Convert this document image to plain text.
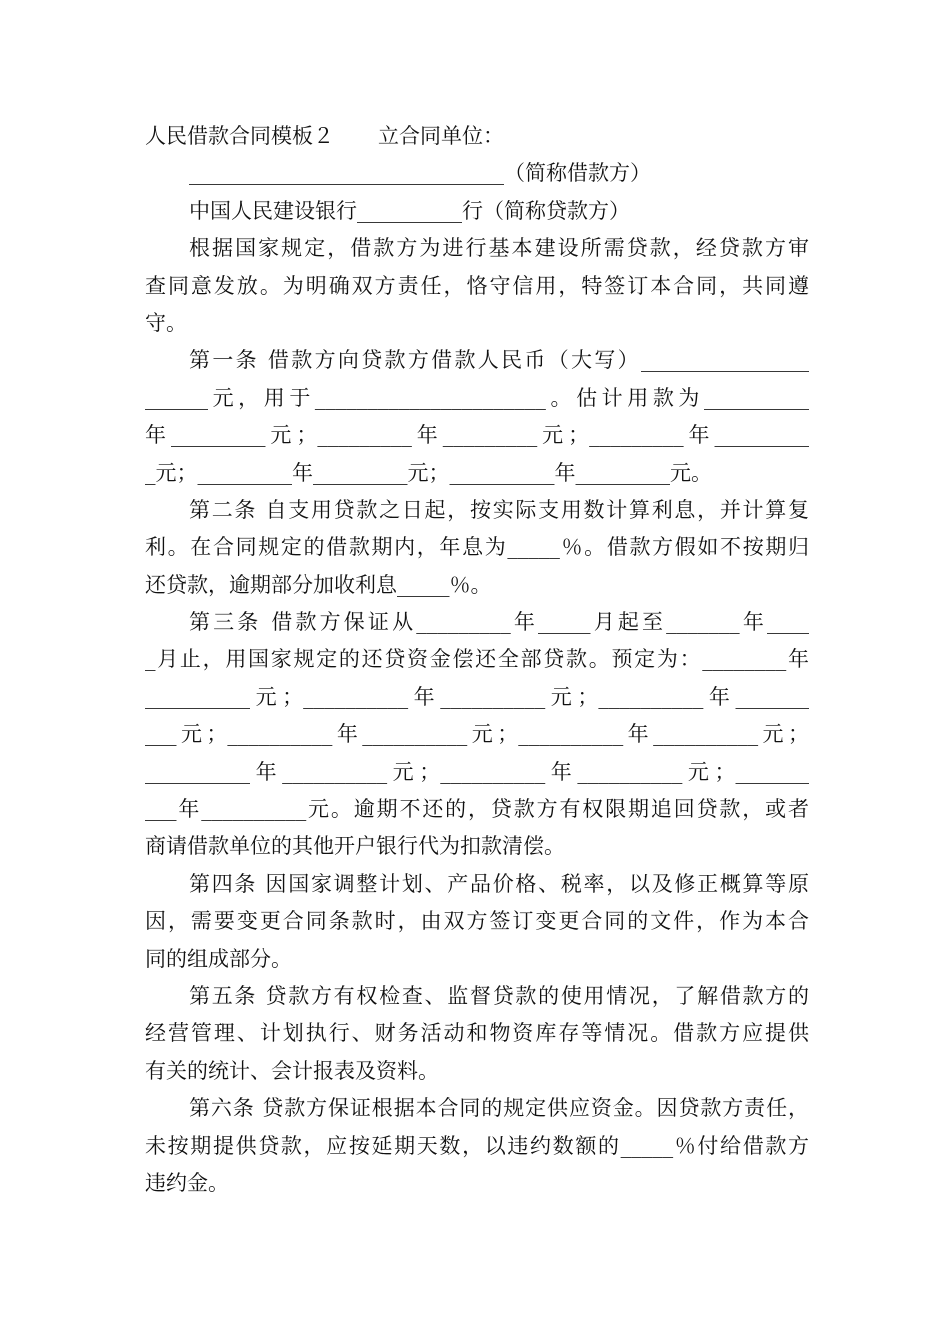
人民借款合同模板２ 立合同单位：
______________________________（简称借款方）
中国人民建设银行__________行（简称贷款方）
根据国家规定，借款方为进行基本建设所需贷款，经贷款方审
查同意发放。为明确双方责任，恪守信用，特签订本合同，共同遵
守。
第一条 借款方向贷款方借款人民币（大写）________________
______元，用于______________________。估计用款为__________
年_________元；_________年_________元；_________年_________
_元；_________年_________元；__________年_________元。
第二条 自支用贷款之日起，按实际支用数计算利息，并计算复
利。在合同规定的借款期内，年息为_____％。借款方假如不按期归
还贷款，逾期部分加收利息_____％。
第三条 借款方保证从_________年_____月起至_______年____
_月止，用国家规定的还贷资金偿还全部贷款。预定为：________年
__________元；__________年__________元；__________年_______
___元；__________年__________元；__________年__________元；
__________年__________元；__________年__________元；_______
___年__________元。逾期不还的，贷款方有权限期追回贷款，或者
商请借款单位的其他开户银行代为扣款清偿。
第四条 因国家调整计划、产品价格、税率，以及修正概算等原
因，需要变更合同条款时，由双方签订变更合同的文件，作为本合
同的组成部分。
第五条 贷款方有权检查、监督贷款的使用情况，了解借款方的
经营管理、计划执行、财务活动和物资库存等情况。借款方应提供
有关的统计、会计报表及资料。
第六条 贷款方保证根据本合同的规定供应资金。因贷款方责任，
未按期提供贷款，应按延期天数，以违约数额的_____％付给借款方
违约金。
